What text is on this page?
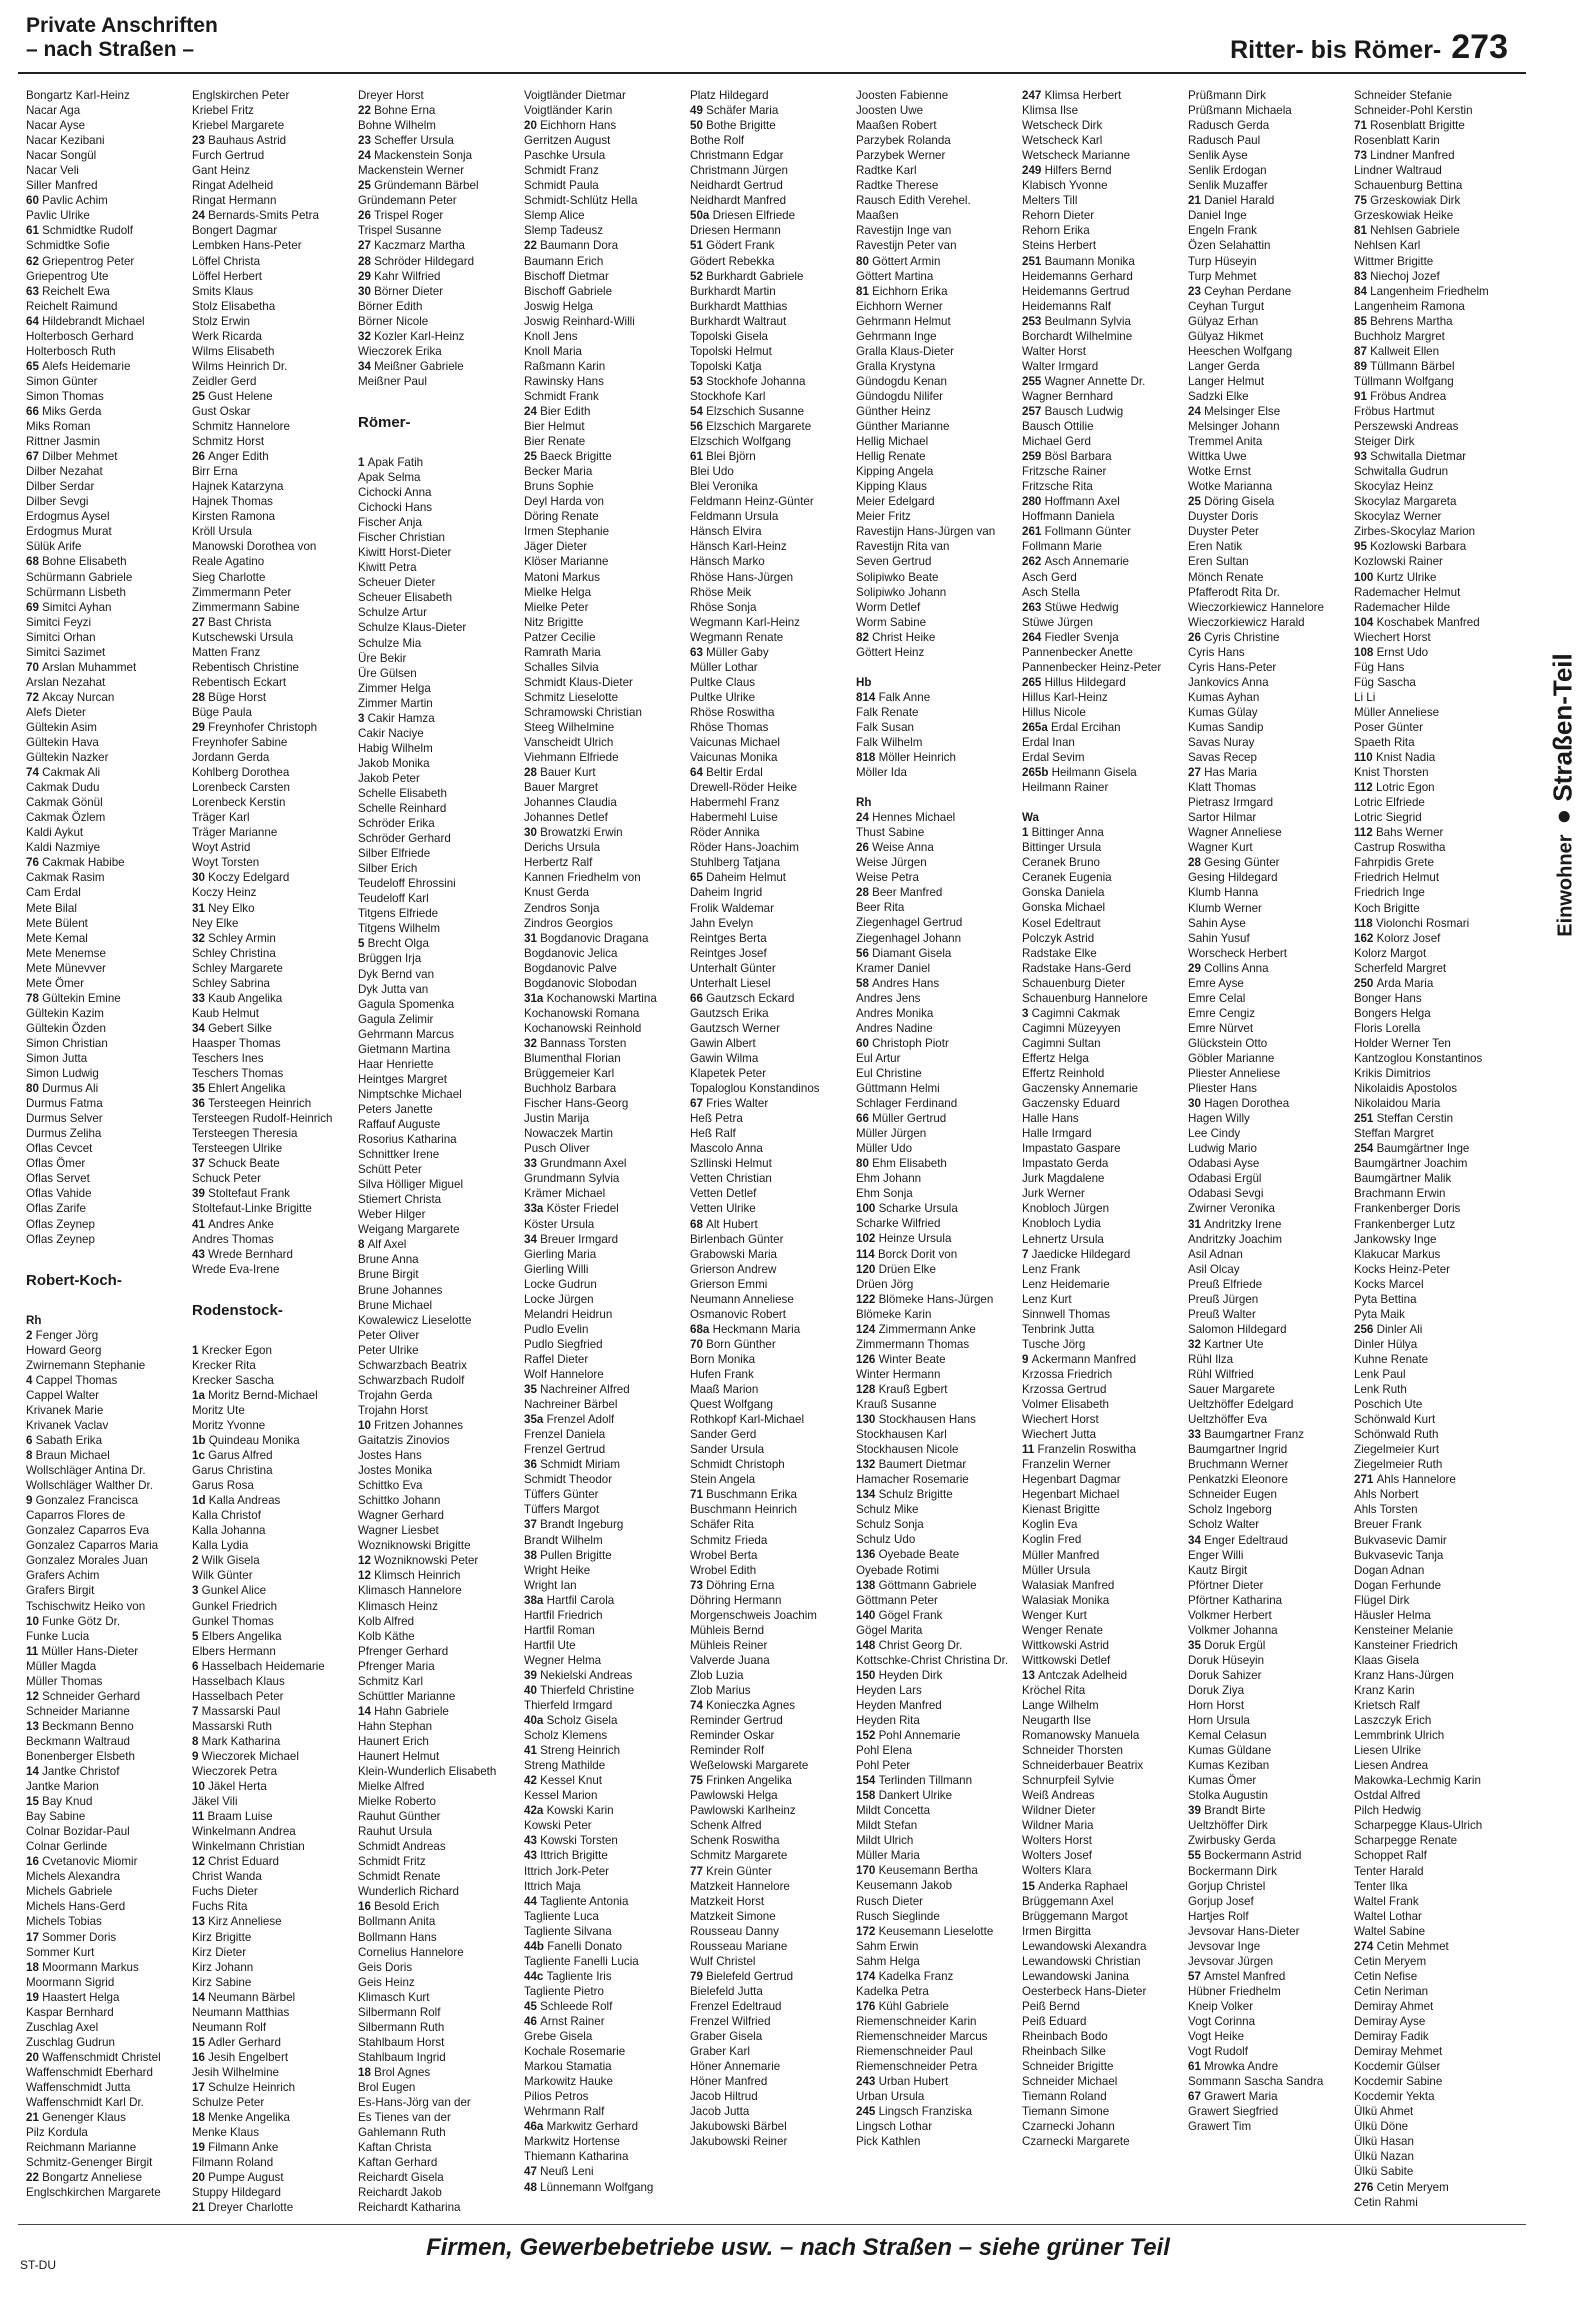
Private Anschriften
– nach Straßen –	Ritter- bis Römer- 273
Bongartz Karl-Heinz
Nacar Aga
Nacar Ayse
Nacar Kezibani
Nacar Songül
Nacar Veli
Siller Manfred
60 Pavlic Achim
Pavlic Ulrike
61 Schmidtke Rudolf
Schmidtke Sofie
62 Griepentrog Peter
Griepentrog Ute
63 Reichelt Ewa
Reichelt Raimund
64 Hildebrandt Michael
Holterbosch Gerhard
Holterbosch Ruth
65 Alefs Heidemarie
Simon Günter
Simon Thomas
66 Miks Gerda
Miks Roman
Rittner Jasmin
67 Dilber Mehmet
Dilber Nezahat
Dilber Serdar
Dilber Sevgi
Erdogmus Aysel
Erdogmus Murat
Sülük Arife
68 Bohne Elisabeth
Schürmann Gabriele
Schürmann Lisbeth
69 Simitci Ayhan
Simitci Feyzi
Simitci Orhan
Simitci Sazimet
70 Arslan Muhammet
Arslan Nezahat
72 Akcay Nurcan
Alefs Dieter
Gültekin Asim
Gültekin Hava
Gültekin Nazker
74 Cakmak Ali
Cakmak Dudu
Cakmak Gönül
Cakmak Özlem
Kaldi Aykut
Kaldi Nazmiye
76 Cakmak Habibe
Cakmak Rasim
Cam Erdal
Mete Bilal
Mete Bülent
Mete Kemal
Mete Menemse
Mete Münevver
Mete Ömer
78 Gültekin Emine
Gültekin Kazim
Gültekin Özden
Simon Christian
Simon Jutta
Simon Ludwig
80 Durmus Ali
Durmus Fatma
Durmus Selver
Durmus Zeliha
Oflas Cevcet
Oflas Ömer
Oflas Servet
Oflas Vahide
Oflas Zarife
Oflas Zeynep
Oflas Zeynep
Robert-Koch-
Rh
2 Fenger Jörg
Howard Georg
Zwirnemann Stephanie
4 Cappel Thomas
Cappel Walter
Krivanek Marie
Krivanek Vaclav
6 Sabath Erika
8 Braun Michael
Wollschläger Antina Dr.
Wollschläger Walther Dr.
9 Gonzalez Francisca
Caparros Flores de
Gonzalez Caparros Eva
Gonzalez Caparros Maria
Gonzalez Morales Juan
Grafers Achim
Grafers Birgit
Tschischwitz Heiko von
10 Funke Götz Dr.
Funke Lucia
11 Müller Hans-Dieter
Müller Magda
Müller Thomas
12 Schneider Gerhard
Schneider Marianne
13 Beckmann Benno
Beckmann Waltraud
Bonenberger Elsbeth
14 Jantke Christof
Jantke Marion
15 Bay Knud
Bay Sabine
Colnar Bozidar-Paul
Colnar Gerlinde
16 Cvetanovic Miomir
Michels Alexandra
Michels Gabriele
Michels Hans-Gerd
Michels Tobias
17 Sommer Doris
Sommer Kurt
18 Moormann Markus
Moormann Sigrid
19 Haastert Helga
Kaspar Bernhard
Zuschlag Axel
Zuschlag Gudrun
20 Waffenschmidt Christel
Waffenschmidt Eberhard
Waffenschmidt Jutta
Waffenschmidt Karl Dr.
21 Genenger Klaus
Pilz Kordula
Reichmann Marianne
Schmitz-Genenger Birgit
22 Bongartz Anneliese
Englschkirchen Margarete
Englskirchen Peter
Kriebel Fritz
Kriebel Margarete
23 Bauhaus Astrid
Furch Gertrud
Gant Heinz
Ringat Adelheid
Ringat Hermann
24 Bernards-Smits Petra
Bongert Dagmar
Lembken Hans-Peter
Löffel Christa
Löffel Herbert
Smits Klaus
Stolz Elisabetha
Stolz Erwin
Werk Ricarda
Wilms Elisabeth
Wilms Heinrich Dr.
Zeidler Gerd
25 Gust Helene
Gust Oskar
Schmitz Hannelore
Schmitz Horst
26 Anger Edith
Birr Erna
Hajnek Katarzyna
Hajnek Thomas
Kirsten Ramona
Kröll Ursula
Manowski Dorothea von
Reale Agatino
Sieg Charlotte
Zimmermann Peter
Zimmermann Sabine
27 Bast Christa
Kutschewski Ursula
Matten Franz
Rebentisch Christine
Rebentisch Eckart
28 Büge Horst
Büge Paula
29 Freynhofer Christoph
Freynhofer Sabine
Jordann Gerda
Kohlberg Dorothea
Lorenbeck Carsten
Lorenbeck Kerstin
Träger Karl
Träger Marianne
Woyt Astrid
Woyt Torsten
30 Koczy Edelgard
Koczy Heinz
31 Ney Elko
Ney Elke
32 Schley Armin
Schley Christina
Schley Margarete
Schley Sabrina
33 Kaub Angelika
Kaub Helmut
34 Gebert Silke
Haasper Thomas
Teschers Ines
Teschers Thomas
35 Ehlert Angelika
36 Tersteegen Heinrich
Tersteegen Rudolf-Heinrich
Tersteegen Theresia
Tersteegen Ulrike
37 Schuck Beate
Schuck Peter
39 Stoltefaut Frank
Stoltefaut-Linke Brigitte
41 Andres Anke
Andres Thomas
43 Wrede Bernhard
Wrede Eva-Irene
Rodenstock-
1 Krecker Egon
Krecker Rita
Krecker Sascha
1a Moritz Bernd-Michael
Moritz Ute
Moritz Yvonne
1b Quindeau Monika
1c Garus Alfred
Garus Christina
Garus Rosa
1d Kalla Andreas
Kalla Christof
Kalla Johanna
Kalla Lydia
2 Wilk Gisela
Wilk Günter
3 Gunkel Alice
Gunkel Friedrich
Gunkel Thomas
5 Elbers Angelika
Elbers Hermann
6 Hasselbach Heidemarie
Hasselbach Klaus
Hasselbach Peter
7 Massarski Paul
Massarski Ruth
8 Mark Katharina
9 Wieczorek Michael
Wieczorek Petra
10 Jäkel Herta
Jäkel Vili
11 Braam Luise
Winkelmann Andrea
Winkelmann Christian
12 Christ Eduard
Christ Wanda
Fuchs Dieter
Fuchs Rita
13 Kirz Anneliese
Kirz Brigitte
Kirz Dieter
Kirz Johann
Kirz Sabine
14 Neumann Bärbel
Neumann Matthias
Neumann Rolf
15 Adler Gerhard
16 Jesih Engelbert
Jesih Wilhelmine
17 Schulze Heinrich
Schulze Peter
18 Menke Angelika
Menke Klaus
19 Filmann Anke
Filmann Roland
20 Pumpe August
Stuppy Hildegard
21 Dreyer Charlotte
Dreyer Horst
22 Bohne Erna
Bohne Wilhelm
23 Scheffer Ursula
24 Mackenstein Sonja
Mackenstein Werner
25 Gründemann Bärbel
Gründemann Peter
26 Trispel Roger
Trispel Susanne
27 Kaczmarz Martha
28 Schröder Hildegard
29 Kahr Wilfried
30 Börner Dieter
Börner Edith
Börner Nicole
32 Kozler Karl-Heinz
Wieczorek Erika
34 Meißner Gabriele
Meißner Paul
Römer-
1 Apak Fatih
Apak Selma
Cichocki Anna
Cichocki Hans
Fischer Anja
Fischer Christian
Kiwitt Horst-Dieter
Kiwitt Petra
Scheuer Dieter
Scheuer Elisabeth
Schulze Artur
Schulze Klaus-Dieter
Schulze Mia
Üre Bekir
Üre Gülsen
Zimmer Helga
Zimmer Martin
3 Cakir Hamza
Cakir Naciye
Habig Wilhelm
Jakob Monika
Jakob Peter
Schelle Elisabeth
Schelle Reinhard
Schröder Erika
Schröder Gerhard
Silber Elfriede
Silber Erich
Teudeloff Ehrossini
Teudeloff Karl
Titgens Elfriede
Titgens Wilhelm
5 Brecht Olga
Brüggen Irja
Dyk Bernd van
Dyk Jutta van
Gagula Spomenka
Gagula Zelimir
Gehrmann Marcus
Gietmann Martina
Haar Henriette
Heintges Margret
Nimptschke Michael
Peters Janette
Raffauf Auguste
Rosorius Katharina
Schnittker Irene
Schütt Peter
Silva Hölliger Miguel
Stiemert Christa
Weber Hilger
Weigang Margarete
8 Alf Axel
Brune Anna
Brune Birgit
Brune Johannes
Brune Michael
Kowalewicz Lieselotte
Peter Oliver
Peter Ulrike
Schwarzbach Beatrix
Schwarzbach Rudolf
Trojahn Gerda
Trojahn Horst
10 Fritzen Johannes
Gaitatzis Zinovios
Jostes Hans
Jostes Monika
Schittko Eva
Schittko Johann
Wagner Gerhard
Wagner Liesbet
Wozniknowski Brigitte
12 Wozniknowski Peter
12 Klimsch Heinrich
Klimasch Hannelore
Klimasch Heinz
Kolb Alfred
Kolb Käthe
Pfrenger Gerhard
Pfrenger Maria
Schmitz Karl
Schüttler Marianne
14 Hahn Gabriele
Hahn Stephan
Haunert Erich
Haunert Helmut
Klein-Wunderlich Elisabeth
Mielke Alfred
Mielke Roberto
Rauhut Günther
Rauhut Ursula
Schmidt Andreas
Schmidt Fritz
Schmidt Renate
Wunderlich Richard
16 Besold Erich
Bollmann Anita
Bollmann Hans
Cornelius Hannelore
Geis Doris
Geis Heinz
Klimasch Kurt
Silbermann Rolf
Silbermann Ruth
Stahlbaum Horst
Stahlbaum Ingrid
18 Brol Agnes
Brol Eugen
Es-Hans-Jörg van der
Es Tienes van der
Gahlemann Ruth
Kaftan Christa
Kaftan Gerhard
Reichardt Gisela
Reichardt Jakob
Reichardt Katharina
Voigtländer Dietmar
Voigtländer Karin
20 Eichhorn Hans
Gerritzen August
Paschke Ursula
Schmidt Franz
Schmidt Paula
Schmidt-Schlütz Hella
Slemp Alice
Slemp Tadeusz
22 Baumann Dora
Baumann Erich
Bischoff Dietmar
Bischoff Gabriele
Joswig Helga
Joswig Reinhard-Willi
Knoll Jens
Knoll Maria
Raßmann Karin
Rawinsky Hans
Schmidt Frank
24 Bier Edith
Bier Helmut
Bier Renate
25 Baeck Brigitte
Becker Maria
Bruns Sophie
Deyl Harda von
Döring Renate
Irmen Stephanie
Jäger Dieter
Klöser Marianne
Matoni Markus
Mielke Helga
Mielke Peter
Nitz Brigitte
Patzer Cecilie
Ramrath Maria
Schalles Silvia
Schmidt Klaus-Dieter
Schmitz Lieselotte
Schramowski Christian
Steeg Wilhelmine
Vanscheidt Ulrich
Viehmann Elfriede
28 Bauer Kurt
Bauer Margret
Johannes Claudia
Johannes Detlef
30 Browatzki Erwin
Derichs Ursula
Herbertz Ralf
Kannen Friedhelm von
Knust Gerda
Zendros Sonja
Zindros Georgios
31 Bogdanovic Dragana
Bogdanovic Jelica
Bogdanovic Palve
Bogdanovic Slobodan
31a Kochanowski Martina
Kochanowski Romana
Kochanowski Reinhold
32 Bannass Torsten
Blumenthal Florian
Brüggemeier Karl
Buchholz Barbara
Fischer Hans-Georg
Justin Marija
Nowaczek Martin
Pusch Oliver
33 Grundmann Axel
Grundmann Sylvia
Krämer Michael
33a Köster Friedel
Köster Ursula
34 Breuer Irmgard
Gierling Maria
Gierling Willi
Locke Gudrun
Locke Jürgen
Melandri Heidrun
Pudlo Evelin
Pudlo Siegfried
Raffel Dieter
Wolf Hannelore
35 Nachreiner Alfred
Nachreiner Bärbel
35a Frenzel Adolf
Frenzel Daniela
Frenzel Gertrud
36 Schmidt Miriam
Schmidt Theodor
Tüffers Günter
Tüffers Margot
37 Brandt Ingeburg
Brandt Wilhelm
38 Pullen Brigitte
Wright Heike
Wright Ian
38a Hartfil Carola
Hartfil Friedrich
Hartfil Roman
Hartfil Ute
Wegner Helma
39 Nekielski Andreas
40 Thierfeld Christine
Thierfeld Irmgard
40a Scholz Gisela
Scholz Klemens
41 Streng Heinrich
Streng Mathilde
42 Kessel Knut
Kessel Marion
42a Kowski Karin
Kowski Peter
43 Kowski Torsten
43 Ittrich Brigitte
Ittrich Jork-Peter
Ittrich Maja
44 Tagliente Antonia
Tagliente Luca
Tagliente Silvana
44b Fanelli Donato
Tagliente Fanelli Lucia
44c Tagliente Iris
Tagliente Pietro
45 Schleede Rolf
46 Arnst Rainer
Grebe Gisela
Kochale Rosemarie
Markou Stamatia
Markowitz Hauke
Pilios Petros
Wehrmann Ralf
46a Markwitz Gerhard
Markwitz Hortense
Thiemann Katharina
47 Neuß Leni
48 Lünnemann Wolfgang
Platz Hildegard
49 Schäfer Maria
50 Bothe Brigitte
Bothe Rolf
Christmann Edgar
Christmann Jürgen
Neidhardt Gertrud
Neidhardt Manfred
50a Driesen Elfriede
Driesen Hermann
51 Gödert Frank
Gödert Rebekka
52 Burkhardt Gabriele
Burkhardt Martin
Burkhardt Matthias
Burkhardt Waltraut
Topolski Gisela
Topolski Helmut
Topolski Katja
53 Stockhofe Johanna
Stockhofe Karl
54 Elzschich Susanne
56 Elzschich Margarete
Elzschich Wolfgang
61 Blei Björn
Blei Udo
Blei Veronika
Feldmann Heinz-Günter
Feldmann Ursula
Hänsch Elvira
Hänsch Karl-Heinz
Hänsch Marko
Rhöse Hans-Jürgen
Rhöse Meik
Rhöse Sonja
Wegmann Karl-Heinz
Wegmann Renate
63 Müller Gaby
Müller Lothar
Pultke Claus
Pultke Ulrike
Rhöse Roswitha
Rhöse Thomas
Vaicunas Michael
Vaicunas Monika
64 Beltir Erdal
Drewell-Röder Heike
Habermehl Franz
Habermehl Luise
Röder Annika
Röder Hans-Joachim
Stuhlberg Tatjana
65 Daheim Helmut
Daheim Ingrid
Frolik Waldemar
Jahn Evelyn
Reintges Berta
Reintges Josef
Unterhalt Günter
Unterhalt Liesel
66 Gautzsch Eckard
Gautzsch Erika
Gautzsch Werner
Gawin Albert
Gawin Wilma
Klapetek Peter
Topaloglou Konstandinos
67 Fries Walter
Heß Petra
Heß Ralf
Mascolo Anna
Szllinski Helmut
Vetten Christian
Vetten Detlef
Vetten Ulrike
68 Alt Hubert
Birlenbach Günter
Grabowski Maria
Grierson Andrew
Grierson Emmi
Neumann Anneliese
Osmanovic Robert
68a Heckmann Maria
70 Born Günther
Born Monika
Hufen Frank
Maaß Marion
Quest Wolfgang
Rothkopf Karl-Michael
Sander Gerd
Sander Ursula
Schmidt Christoph
Stein Angela
71 Buschmann Erika
Buschmann Heinrich
Schäfer Rita
Schmitz Frieda
Wrobel Berta
Wrobel Edith
73 Döhring Erna
Döhring Hermann
Morgenschweis Joachim
Mühleis Bernd
Mühleis Reiner
Valverde Juana
Zlob Luzia
Zlob Marius
74 Konieczka Agnes
Reminder Gertrud
Reminder Oskar
Reminder Rolf
Weßelowski Margarete
75 Frinken Angelika
Pawlowski Helga
Pawlowski Karlheinz
Schenk Alfred
Schenk Roswitha
Schmitz Margarete
77 Krein Günter
Matzkeit Hannelore
Matzkeit Horst
Matzkeit Simone
Rousseau Danny
Rousseau Mariane
Wulf Christel
79 Bielefeld Gertrud
Bielefeld Jutta
Frenzel Edeltraud
Frenzel Wilfried
Graber Gisela
Graber Karl
Höner Annemarie
Höner Manfred
Jacob Hiltrud
Jacob Jutta
Jakubowski Bärbel
Jakubowski Reiner
Joosten Fabienne
Joosten Uwe
Maaßen Robert
Parzybek Rolanda
Parzybek Werner
Radtke Karl
Radtke Therese
Rausch Edith Verehel.
Maaßen
Ravestijn Inge van
Ravestijn Peter van
80 Göttert Armin
Göttert Martina
81 Eichhorn Erika
Eichhorn Werner
Gehrmann Helmut
Gehrmann Inge
Gralla Klaus-Dieter
Gralla Krystyna
Gündogdu Kenan
Gündogdu Nilifer
Günther Heinz
Günther Marianne
Hellig Michael
Hellig Renate
Kipping Angela
Kipping Klaus
Meier Edelgard
Meier Fritz
Ravestijn Hans-Jürgen van
Ravestijn Rita van
Seven Gertrud
Solipiwko Beate
Solipiwko Johann
Worm Detlef
Worm Sabine
82 Christ Heike
Göttert Heinz
Hb
814 Falk Anne
Falk Renate
Falk Susan
Falk Wilhelm
818 Möller Heinrich
Möller Ida
Rh
24 Hennes Michael
Thust Sabine
26 Weise Anna
Weise Jürgen
Weise Petra
28 Beer Manfred
Beer Rita
Ziegenhagel Gertrud
Ziegenhagel Johann
56 Diamant Gisela
Kramer Daniel
58 Andres Hans
Andres Jens
Andres Monika
Andres Nadine
60 Christoph Piotr
Eul Artur
Eul Christine
Güttmann Helmi
Schlager Ferdinand
66 Müller Gertrud
Müller Jürgen
Müller Udo
80 Ehm Elisabeth
Ehm Johann
Ehm Sonja
100 Scharke Ursula
Scharke Wilfried
102 Heinze Ursula
114 Borck Dorit von
120 Drüen Elke
Drüen Jörg
122 Blömeke Hans-Jürgen
Blömeke Karin
124 Zimmermann Anke
Zimmermann Thomas
126 Winter Beate
Winter Hermann
128 Krauß Egbert
Krauß Susanne
130 Stockhausen Hans
Stockhausen Karl
Stockhausen Nicole
132 Baumert Dietmar
Hamacher Rosemarie
134 Schulz Brigitte
Schulz Mike
Schulz Sonja
Schulz Udo
136 Oyebade Beate
Oyebade Rotimi
138 Göttmann Gabriele
Göttmann Peter
140 Gögel Frank
Gögel Marita
148 Christ Georg Dr.
Kottschke-Christ Christina Dr.
150 Heyden Dirk
Heyden Lars
Heyden Manfred
Heyden Rita
152 Pohl Annemarie
Pohl Elena
Pohl Peter
154 Terlinden Tillmann
158 Dankert Ulrike
Mildt Concetta
Mildt Stefan
Mildt Ulrich
Müller Maria
170 Keusemann Bertha
Keusemann Jakob
Rusch Dieter
Rusch Sieglinde
172 Keusemann Lieselotte
Sahm Erwin
Sahm Helga
174 Kadelka Franz
Kadelka Petra
176 Kühl Gabriele
Riemenschneider Karin
Riemenschneider Marcus
Riemenschneider Paul
Riemenschneider Petra
243 Urban Hubert
Urban Ursula
245 Lingsch Franziska
Lingsch Lothar
Pick Kathlen
247 Klimsa Herbert
Klimsa Ilse
Wetscheck Dirk
Wetscheck Karl
Wetscheck Marianne
249 Hilfers Bernd
Klabisch Yvonne
Melters Till
Rehorn Dieter
Rehorn Erika
Steins Herbert
251 Baumann Monika
Heidemanns Gerhard
Heidemanns Gertrud
Heidemanns Ralf
253 Beulmann Sylvia
Borchardt Wilhelmine
Walter Horst
Walter Irmgard
255 Wagner Annette Dr.
Wagner Bernhard
257 Bausch Ludwig
Bausch Ottilie
Michael Gerd
259 Bösl Barbara
Fritzsche Rainer
Fritzsche Rita
280 Hoffmann Axel
Hoffmann Daniela
261 Follmann Günter
Follmann Marie
262 Asch Annemarie
Asch Gerd
Asch Stella
263 Stüwe Hedwig
Stüwe Jürgen
264 Fiedler Svenja
Pannenbecker Anette
Pannenbecker Heinz-Peter
265 Hillus Hildegard
Hillus Karl-Heinz
Hillus Nicole
265a Erdal Ercihan
Erdal Inan
Erdal Sevim
265b Heilmann Gisela
Heilmann Rainer
Wa
1 Bittinger Anna
Bittinger Ursula
Ceranek Bruno
Ceranek Eugenia
Gonska Daniela
Gonska Michael
Kosel Edeltraut
Polczyk Astrid
Radstake Elke
Radstake Hans-Gerd
Schauenburg Dieter
Schauenburg Hannelore
3 Cagimni Cakmak
Cagimni Müzeyyen
Cagimni Sultan
Effertz Helga
Effertz Reinhold
Gaczensky Annemarie
Gaczensky Eduard
Halle Hans
Halle Irmgard
Impastato Gaspare
Impastato Gerda
Jurk Magdalene
Jurk Werner
Knobloch Jürgen
Knobloch Lydia
Lehnertz Ursula
7 Jaedicke Hildegard
Lenz Frank
Lenz Heidemarie
Lenz Kurt
Sinnwell Thomas
Tenbrink Jutta
Tusche Jörg
9 Ackermann Manfred
Krzossa Friedrich
Krzossa Gertrud
Volmer Elisabeth
Wiechert Horst
Wiechert Jutta
11 Franzelin Roswitha
Franzelin Werner
Hegenbart Dagmar
Hegenbart Michael
Kienast Brigitte
Koglin Eva
Koglin Fred
Müller Manfred
Müller Ursula
Walasiak Manfred
Walasiak Monika
Wenger Kurt
Wenger Renate
Wittkowski Astrid
Wittkowski Detlef
13 Antczak Adelheid
Kröchel Rita
Lange Wilhelm
Neugarth Ilse
Romanowsky Manuela
Schneider Thorsten
Schneiderbauer Beatrix
Schnurpfeil Sylvie
Weiß Andreas
Wildner Dieter
Wildner Maria
Wolters Horst
Wolters Josef
Wolters Klara
15 Anderka Raphael
Brüggemann Axel
Brüggemann Margot
Irmen Birgitta
Lewandowski Alexandra
Lewandowski Christian
Lewandowski Janina
Oesterbeck Hans-Dieter
Peiß Bernd
Peiß Eduard
Rheinbach Bodo
Rheinbach Silke
Schneider Brigitte
Schneider Michael
Tiemann Roland
Tiemann Simone
Czarnecki Johann
Czarnecki Margarete
Prüßmann Dirk
Prüßmann Michaela
Radusch Gerda
Radusch Paul
Senlik Ayse
Senlik Erdogan
Senlik Muzaffer
21 Daniel Harald
Daniel Inge
Engeln Frank
Özen Selahattin
Turp Hüseyin
Turp Mehmet
23 Ceyhan Perdane
Ceyhan Turgut
Gülyaz Erhan
Gülyaz Hikmet
Heeschen Wolfgang
Langer Gerda
Langer Helmut
Sadzki Elke
24 Melsinger Else
Melsinger Johann
Tremmel Anita
Wittka Uwe
Wotke Ernst
Wotke Marianna
25 Döring Gisela
Duyster Doris
Duyster Peter
Eren Natik
Eren Sultan
Mönch Renate
Pfafferodt Rita Dr.
Wieczorkiewicz Hannelore
Wieczorkiewicz Harald
26 Cyris Christine
Cyris Hans
Cyris Hans-Peter
Jankovics Anna
Kumas Ayhan
Kumas Gülay
Kumas Sandip
Savas Nuray
Savas Recep
27 Has Maria
Klatt Thomas
Pietrasz Irmgard
Sartor Hilmar
Wagner Anneliese
Wagner Kurt
28 Gesing Günter
Gesing Hildegard
Klumb Hanna
Klumb Werner
Sahin Ayse
Sahin Yusuf
Worscheck Herbert
29 Collins Anna
Emre Ayse
Emre Celal
Emre Cengiz
Emre Nürvet
Glückstein Otto
Göbler Marianne
Pliester Anneliese
Pliester Hans
30 Hagen Dorothea
Hagen Willy
Lee Cindy
Ludwig Mario
Odabasi Ayse
Odabasi Ergül
Odabasi Sevgi
Zwirner Veronika
31 Andritzky Irene
Andritzky Joachim
Asil Adnan
Asil Olcay
Preuß Elfriede
Preuß Jürgen
Preuß Walter
Salomon Hildegard
32 Kartner Ute
Rühl Ilza
Rühl Wilfried
Sauer Margarete
Ueltzhöffer Edelgard
Ueltzhöffer Eva
33 Baumgartner Franz
Baumgartner Ingrid
Bruchmann Werner
Penkatzki Eleonore
Schneider Eugen
Scholz Ingeborg
Scholz Walter
34 Enger Edeltraud
Enger Willi
Kautz Birgit
Pförtner Dieter
Pförtner Katharina
Volkmer Herbert
Volkmer Johanna
35 Doruk Ergül
Doruk Hüseyin
Doruk Sahizer
Doruk Ziya
Horn Horst
Horn Ursula
Kemal Celasun
Kumas Güldane
Kumas Keziban
Kumas Ömer
Stolka Augustin
39 Brandt Birte
Ueltzhöffer Dirk
Zwirbusky Gerda
55 Bockermann Astrid
Bockermann Dirk
Gorjup Christel
Gorjup Josef
Hartjes Rolf
Jevsovar Hans-Dieter
Jevsovar Inge
Jevsovar Jürgen
57 Amstel Manfred
Hübner Friedhelm
Kneip Volker
Vogt Corinna
Vogt Heike
Vogt Rudolf
61 Mrowka Andre
Sommann Sascha Sandra
67 Grawert Maria
Grawert Siegfried
Grawert Tim
Schneider Stefanie
Schneider-Pohl Kerstin
71 Rosenblatt Brigitte
Rosenblatt Karin
73 Lindner Manfred
Lindner Waltraud
Schauenburg Bettina
75 Grzeskowiak Dirk
Grzeskowiak Heike
81 Nehlsen Gabriele
Nehlsen Karl
Wittmer Brigitte
83 Niechoj Jozef
84 Langenheim Friedhelm
Langenheim Ramona
85 Behrens Martha
Buchholz Margret
87 Kallweit Ellen
89 Tüllmann Bärbel
Tüllmann Wolfgang
91 Fröbus Andrea
Fröbus Hartmut
Perszewski Andreas
Steiger Dirk
93 Schwitalla Dietmar
Schwitalla Gudrun
Skocylaz Heinz
Skocylaz Margareta
Skocylaz Werner
Zirbes-Skocylaz Marion
95 Kozlowski Barbara
Kozlowski Rainer
100 Kurtz Ulrike
Rademacher Helmut
Rademacher Hilde
104 Koschabek Manfred
Wiechert Horst
108 Ernst Udo
Füg Hans
Füg Sascha
Li Li
Müller Anneliese
Poser Günter
Spaeth Rita
110 Knist Nadia
Knist Thorsten
112 Lotric Egon
Lotric Elfriede
Lotric Siegrid
112 Bahs Werner
Castrup Roswitha
Fahrpidis Grete
Friedrich Helmut
Friedrich Inge
Koch Brigitte
118 Violonchi Rosmari
162 Kolorz Josef
Kolorz Margot
Scherfeld Margret
250 Arda Maria
Bonger Hans
Bongers Helga
Floris Lorella
Holder Werner Ten
Kantzoglou Konstantinos
Krikis Dimitrios
Nikolaidis Apostolos
Nikolaidou Maria
251 Steffan Cerstin
Steffan Margret
254 Baumgärtner Inge
Baumgärtner Joachim
Baumgärtner Malik
Brachmann Erwin
Frankenberger Doris
Frankenberger Lutz
Jankowsky Inge
Klakucar Markus
Kocks Heinz-Peter
Kocks Marcel
Pyta Bettina
Pyta Maik
256 Dinler Ali
Dinler Hülya
Kuhne Renate
Lenk Paul
Lenk Ruth
Poschich Ute
Schönwald Kurt
Schönwald Ruth
Ziegelmeier Kurt
Ziegelmeier Ruth
271 Ahls Hannelore
Ahls Norbert
Ahls Torsten
Breuer Frank
Bukvasevic Damir
Bukvasevic Tanja
Dogan Adnan
Dogan Ferhunde
Flügel Dirk
Häusler Helma
Kensteiner Melanie
Kansteiner Friedrich
Klaas Gisela
Kranz Hans-Jürgen
Kranz Karin
Krietsch Ralf
Laszczyk Erich
Lemmbrink Ulrich
Liesen Ulrike
Liesen Andrea
Makowka-Lechmig Karin
Ostdal Alfred
Pilch Hedwig
Scharpegge Klaus-Ulrich
Scharpegge Renate
Schoppet Ralf
Tenter Harald
Tenter Ilka
Waltel Frank
Waltel Lothar
Waltel Sabine
274 Cetin Mehmet
Cetin Meryem
Cetin Nefise
Cetin Neriman
Demiray Ahmet
Demiray Ayse
Demiray Fadik
Demiray Mehmet
Kocdemir Gülser
Kocdemir Sabine
Kocdemir Yekta
Ülkü Ahmet
Ülkü Döne
Ülkü Hasan
Ülkü Nazan
Ülkü Sabite
276 Cetin Meryem
Cetin Rahmi
Einwohner● Straßen-Teil
ST-DU
Firmen, Gewerbebetriebe usw. – nach Straßen – siehe grüner Teil
